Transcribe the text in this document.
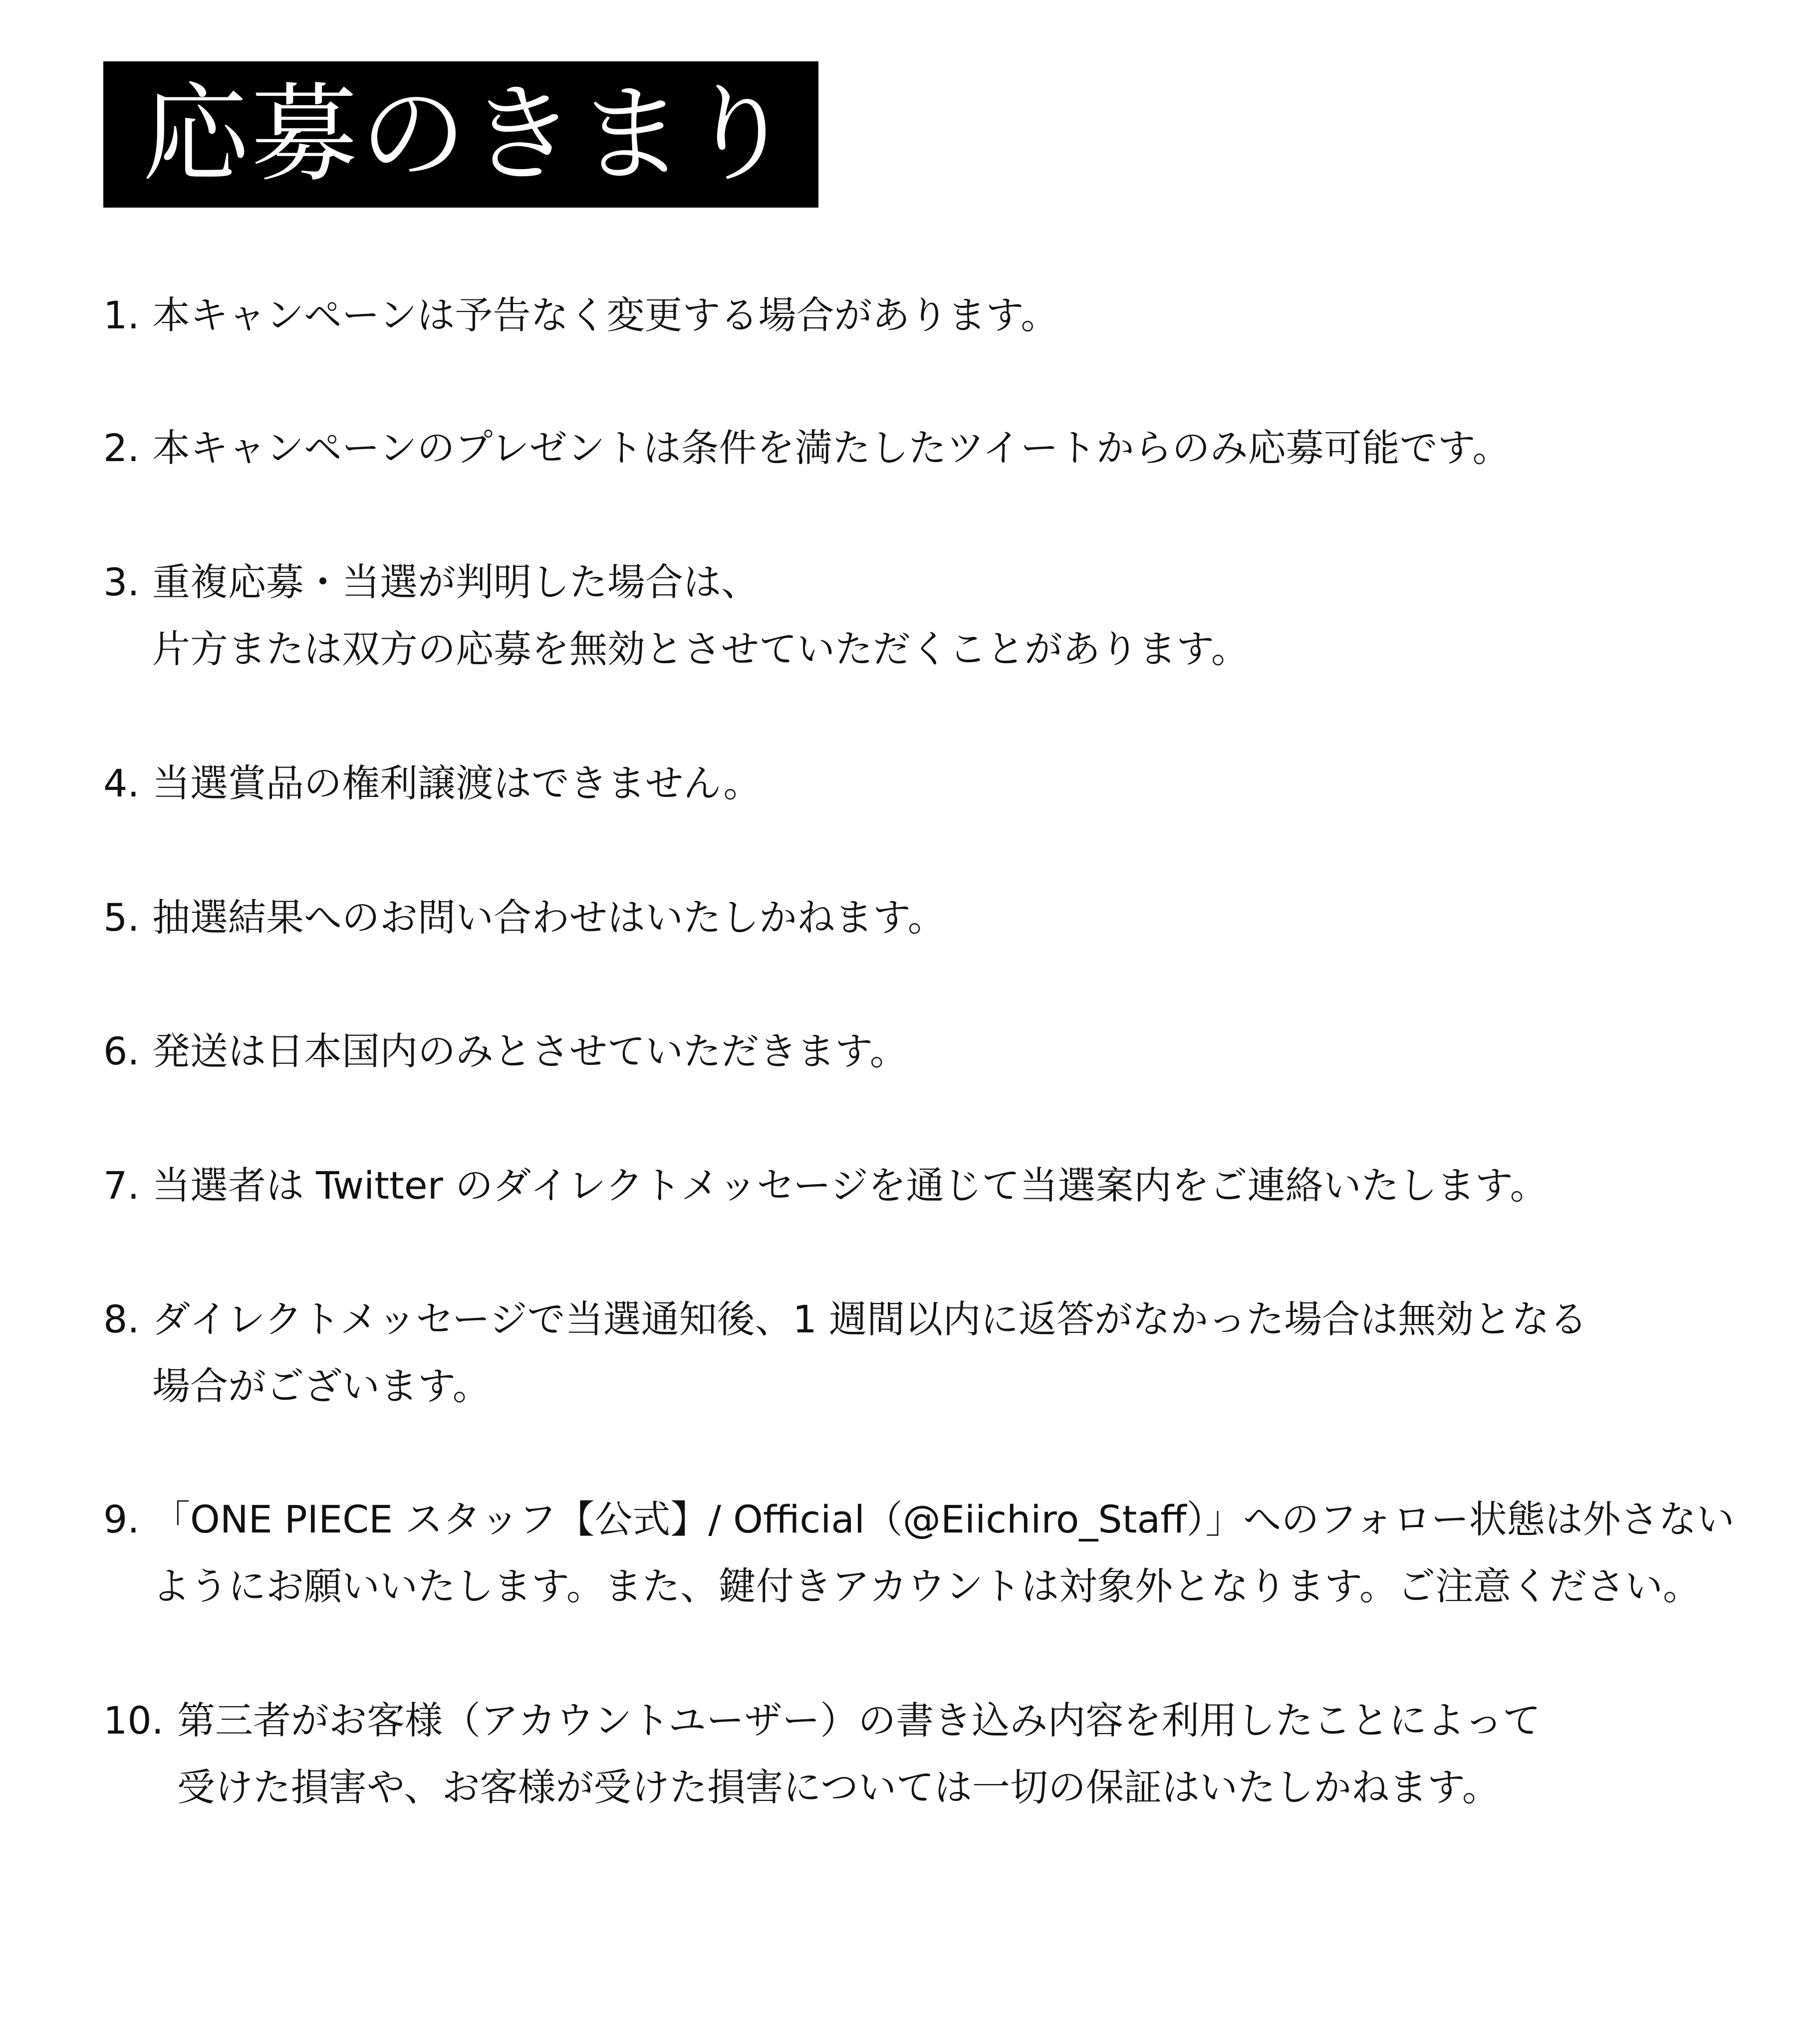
応募のきまり
1. 本キャンペーンは予告なく変更する場合があります。
2. 本キャンペーンのプレゼントは条件を満たしたツイートからのみ応募可能です。
3. 重複応募・当選が判明した場合は、
片方または双方の応募を無効とさせていただくことがあります。
4. 当選賞品の権利譲渡はできません。
5. 抽選結果へのお問い合わせはいたしかねます。
6. 発送は日本国内のみとさせていただきます。
7. 当選者は Twitter のダイレクトメッセージを通じて当選案内をご連絡いたします。
8. ダイレクトメッセージで当選通知後、1 週間以内に返答がなかった場合は無効となる
場合がございます。
9. 「ONE PIECE スタッフ【公式】/ Official（@Eiichiro_Staff）」へのフォロー状態は外さない
ようにお願いいたします。また、鍵付きアカウントは対象外となります。ご注意ください。
10. 第三者がお客様（アカウントユーザー）の書き込み内容を利用したことによって
受けた損害や、お客様が受けた損害については一切の保証はいたしかねます。
